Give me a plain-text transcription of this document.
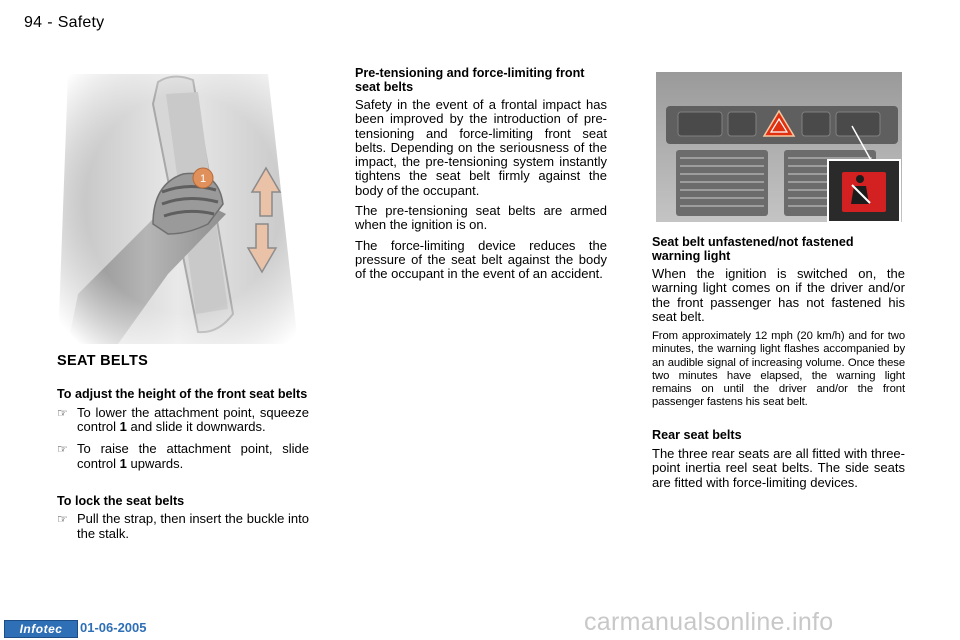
94 - Safety
SEAT BELTS
To adjust the height of the front seat belts
☞ To lower the attachment point, squeeze control 1 and slide it downwards.
☞ To raise the attachment point, slide control 1 upwards.
To lock the seat belts
☞ Pull the strap, then insert the buckle into the stalk.
Pre-tensioning and force-limiting front seat belts

Safety in the event of a frontal impact has been improved by the introduction of pre-tensioning and force-limiting front seat belts. Depending on the seriousness of the impact, the pre-tensioning system instantly tightens the seat belt firmly against the body of the occupant.

The pre-tensioning seat belts are armed when the ignition is on.

The force-limiting device reduces the pressure of the seat belt against the body of the occupant in the event of an accident.

Seat belt unfastened/not fastened warning light

When the ignition is switched on, the warning light comes on if the driver and/or the front passenger has not fastened his seat belt.

From approximately 12 mph (20 km/h) and for two minutes, the warning light flashes accompanied by an audible signal of increasing volume. Once these two minutes have elapsed, the warning light remains on until the driver and/or the front passenger fastens his seat belt.

Rear seat belts

The three rear seats are all fitted with three-point inertia reel seat belts. The side seats are fitted with force-limiting devices.

Infotec	01-06-2005	carmanualsonline.info
